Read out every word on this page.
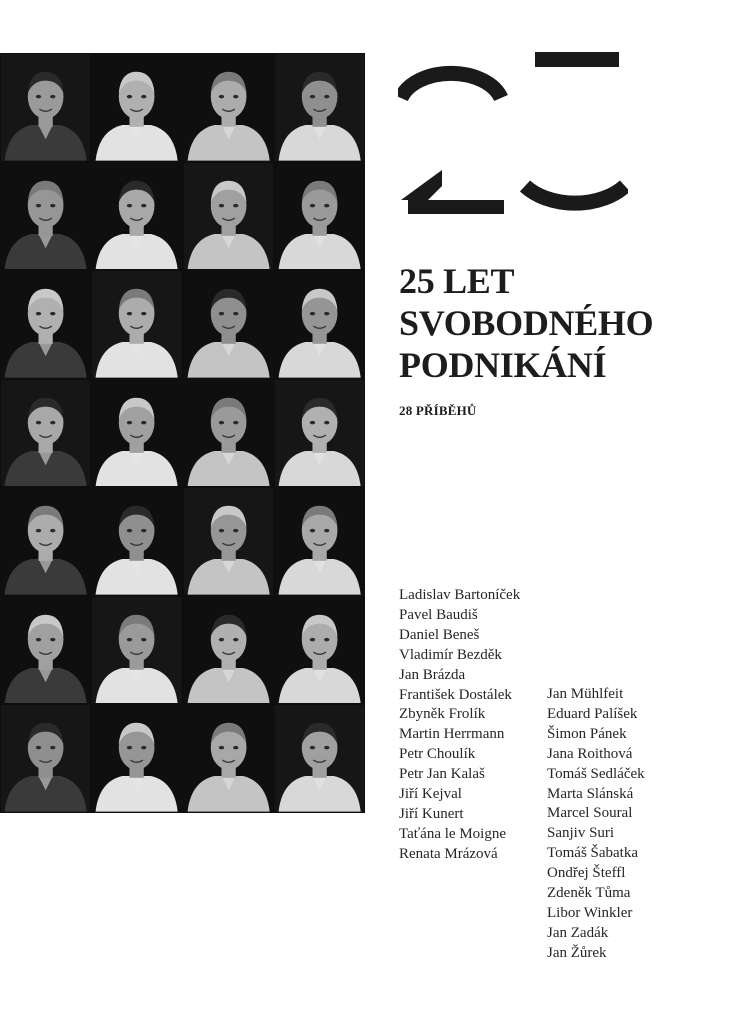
25 LET
SVOBODNÉHO
PODNIKÁNÍ

28 PŘÍBĚHŮ

Ladislav Bartoníček
Pavel Baudiš
Daniel Beneš
Vladimír Bezděk
Jan Brázda
František Dostálek
Zbyněk Frolík
Martin Herrmann
Petr Choulík
Petr Jan Kalaš
Jiří Kejval
Jiří Kunert
Taťána le Moigne
Renata Mrázová
Jan Mühlfeit
Eduard Palíšek
Šimon Pánek
Jana Roithová
Tomáš Sedláček
Marta Slánská
Marcel Soural
Sanjiv Suri
Tomáš Šabatka
Ondřej Šteffl
Zdeněk Tůma
Libor Winkler
Jan Zadák
Jan Žůrek
